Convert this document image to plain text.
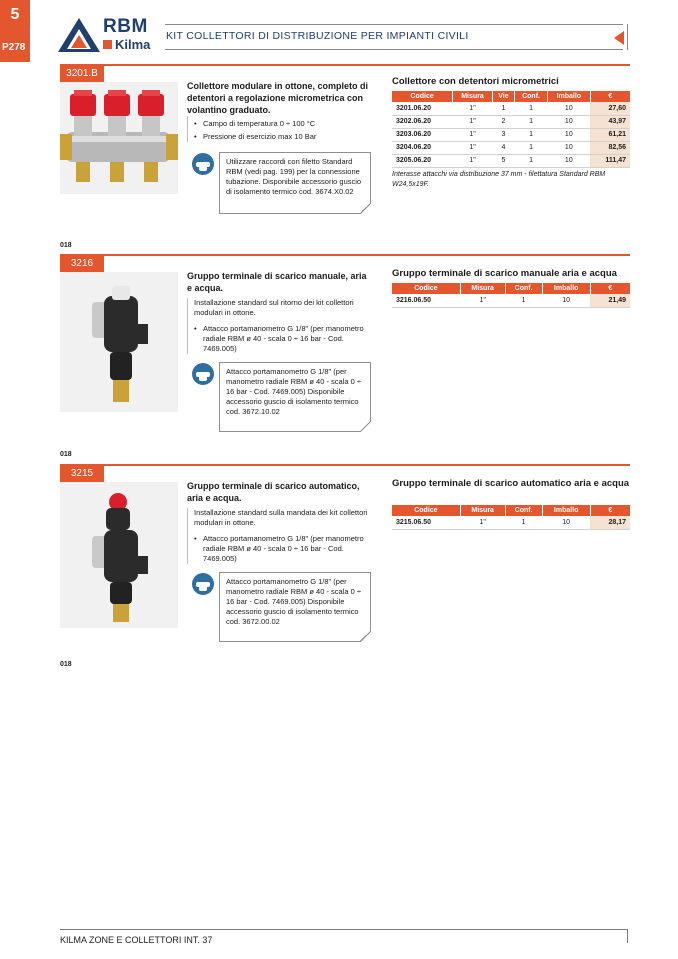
5
P278
RBM
Kilma
KIT COLLETTORI DI DISTRIBUZIONE PER IMPIANTI CIVILI
3201.B
Collettore modulare in ottone, completo di detentori a regolazione micrometrica con volantino graduato.
• Campo di temperatura 0 ÷ 100 °C
• Pressione di esercizio max 10 Bar
Utilizzare raccordi con filetto Standard RBM (vedi pag. 199) per la connessione tubazione. Disponibile accessorio guscio di isolamento termico cod. 3674.X0.02
Collettore con detentori micrometrici
Codice	Misura	Vie	Conf.	Imballo	€
3201.06.20	1"	1	1	10	27,60
3202.06.20	1"	2	1	10	43,97
3203.06.20	1"	3	1	10	61,21
3204.06.20	1"	4	1	10	82,56
3205.06.20	1"	5	1	10	111,47
Interasse attacchi via distribuzione 37 mm - filettatura Standard RBM W24,5x19F.
018
3216
Gruppo terminale di scarico manuale, aria e acqua.
Installazione standard sul ritorno dei kit collettori modulari in ottone.
• Attacco portamanometro G 1/8" (per manometro radiale RBM ø 40 - scala 0 ÷ 16 bar - Cod. 7469.005)
Attacco portamanometro G 1/8" (per manometro radiale RBM ø 40 - scala 0 ÷ 16 bar - Cod. 7469.005) Disponibile accessorio guscio di isolamento termico cod. 3672.10.02
Gruppo terminale di scarico manuale aria e acqua
Codice	Misura	Conf.	Imballo	€
3216.06.50	1"	1	10	21,49
018
3215
Gruppo terminale di scarico automatico, aria e acqua.
Installazione standard sulla mandata dei kit collettori modulari in ottone.
• Attacco portamanometro G 1/8" (per manometro radiale RBM ø 40 - scala 0 ÷ 16 bar - Cod. 7469.005)
Attacco portamanometro G 1/8" (per manometro radiale RBM ø 40 - scala 0 ÷ 16 bar - Cod. 7469.005) Disponibile accessorio guscio di isolamento termico cod. 3672.00.02
Gruppo terminale di scarico automatico aria e acqua
Codice	Misura	Conf.	Imballo	€
3215.06.50	1"	1	10	28,17
018
KILMA ZONE E COLLETTORI INT. 37
